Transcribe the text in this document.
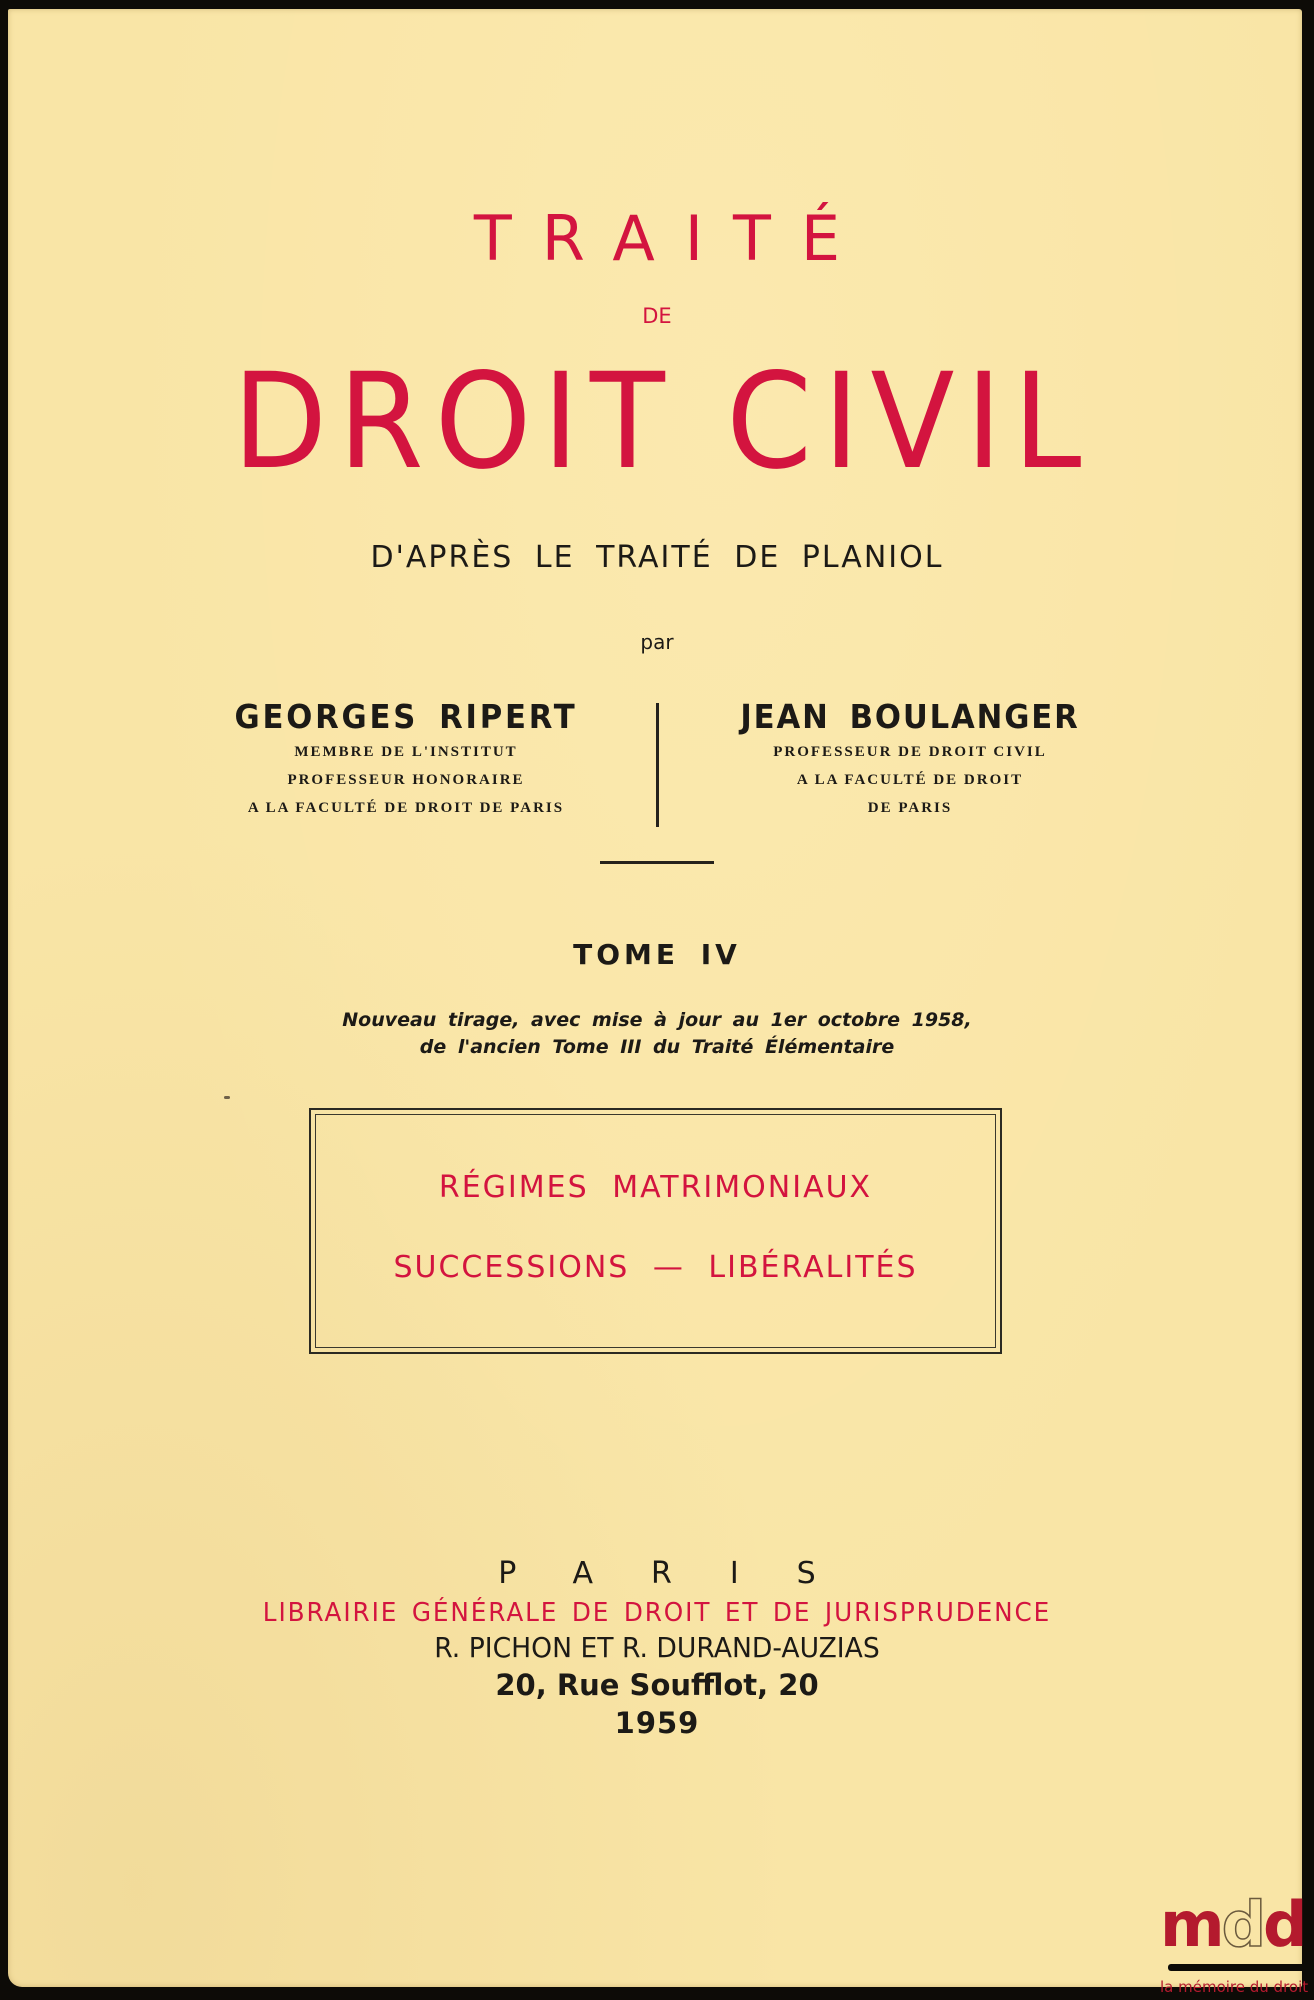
TRAITÉ
DE
DROIT CIVIL
D'APRÈS LE TRAITÉ DE PLANIOL
par
GEORGES RIPERT
MEMBRE DE L'INSTITUT
PROFESSEUR HONORAIRE
A LA FACULTÉ DE DROIT DE PARIS
JEAN BOULANGER
PROFESSEUR DE DROIT CIVIL
A LA FACULTÉ DE DROIT
DE PARIS
TOME IV
Nouveau tirage, avec mise à jour au 1er octobre 1958,
de l'ancien Tome III du Traité Élémentaire
RÉGIMES MATRIMONIAUX
SUCCESSIONS — LIBÉRALITÉS
PARIS
LIBRAIRIE GÉNÉRALE DE DROIT ET DE JURISPRUDENCE
R. PICHON ET R. DURAND-AUZIAS
20, Rue Soufflot, 20
1959
mdd
la mémoire du droit
